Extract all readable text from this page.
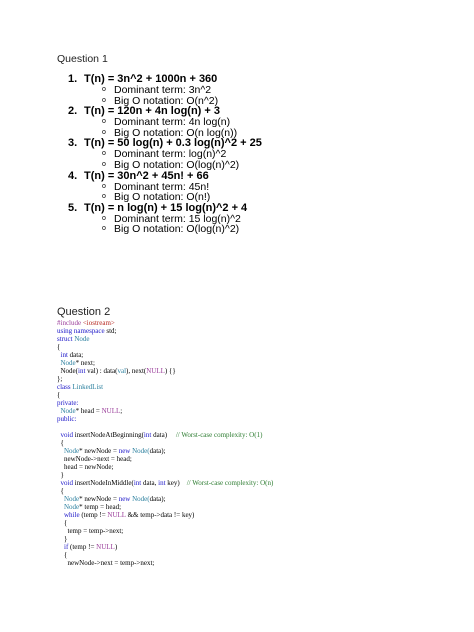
Question 1
1. T(n) = 3n^2 + 1000n + 360
o Dominant term: 3n^2
o Big O notation: O(n^2)
2. T(n) = 120n + 4n log(n) + 3
o Dominant term: 4n log(n)
o Big O notation: O(n log(n))
3. T(n) = 50 log(n) + 0.3 log(n)^2 + 25
o Dominant term: log(n)^2
o Big O notation: O(log(n)^2)
4. T(n) = 30n^2 + 45n! + 66
o Dominant term: 45n!
o Big O notation: O(n!)
5. T(n) = n log(n) + 15 log(n)^2 + 4
o Dominant term: 15 log(n)^2
o Big O notation: O(log(n)^2)
Question 2
#include <iostream>
using namespace std;
struct Node
{
int data;
Node* next;
Node(int val) : data(val), next(NULL) {}
};
class LinkedList
{
private:
Node* head = NULL;
public:

void insertNodeAtBeginning(int data) // Worst-case complexity: O(1)
{
Node* newNode = new Node(data);
newNode->next = head;
head = newNode;
}
void insertNodeInMiddle(int data, int key) // Worst-case complexity: O(n)
{
Node* newNode = new Node(data);
Node* temp = head;
while (temp != NULL && temp->data != key)
{
temp = temp->next;
}
if (temp != NULL)
{
newNode->next = temp->next;
